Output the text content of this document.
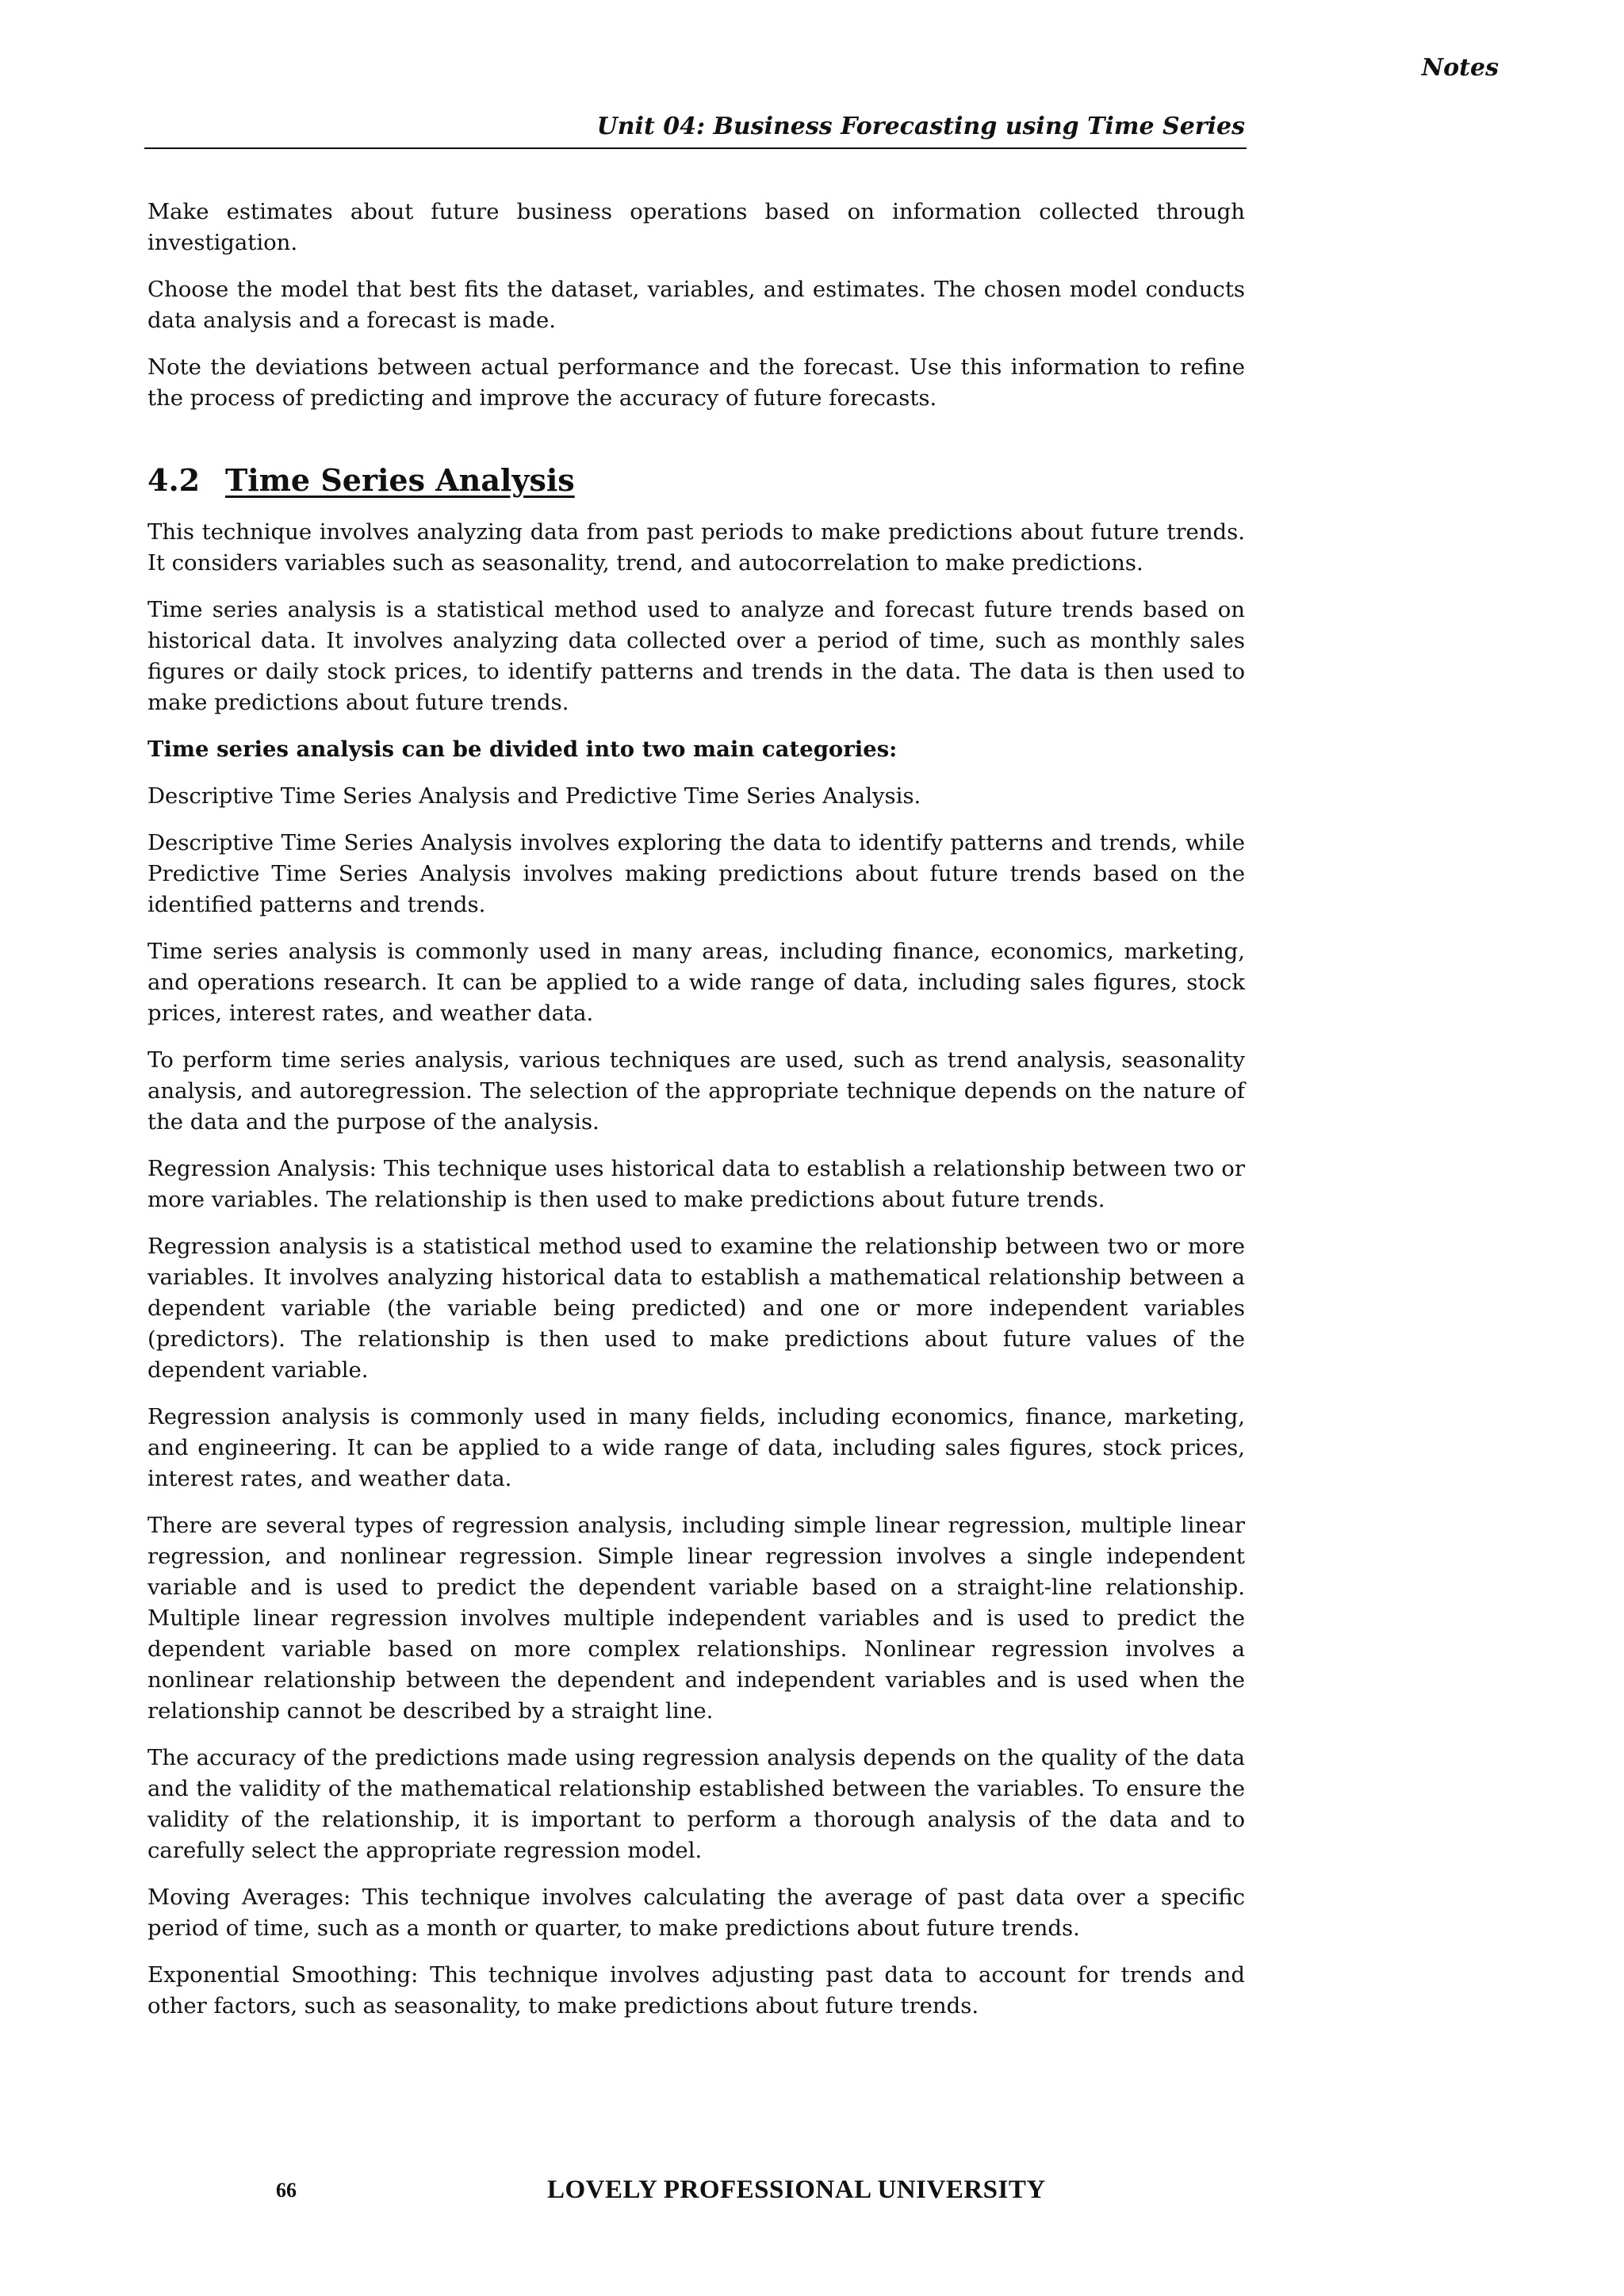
Notes
Unit 04: Business Forecasting using Time Series

Make estimates about future business operations based on information collected through investigation.

Choose the model that best fits the dataset, variables, and estimates. The chosen model conducts data analysis and a forecast is made.

Note the deviations between actual performance and the forecast. Use this information to refine the process of predicting and improve the accuracy of future forecasts.

4.2 Time Series Analysis

This technique involves analyzing data from past periods to make predictions about future trends. It considers variables such as seasonality, trend, and autocorrelation to make predictions.

Time series analysis is a statistical method used to analyze and forecast future trends based on historical data. It involves analyzing data collected over a period of time, such as monthly sales figures or daily stock prices, to identify patterns and trends in the data. The data is then used to make predictions about future trends.

Time series analysis can be divided into two main categories:

Descriptive Time Series Analysis and Predictive Time Series Analysis.

Descriptive Time Series Analysis involves exploring the data to identify patterns and trends, while Predictive Time Series Analysis involves making predictions about future trends based on the identified patterns and trends.

Time series analysis is commonly used in many areas, including finance, economics, marketing, and operations research. It can be applied to a wide range of data, including sales figures, stock prices, interest rates, and weather data.

To perform time series analysis, various techniques are used, such as trend analysis, seasonality analysis, and autoregression. The selection of the appropriate technique depends on the nature of the data and the purpose of the analysis.

Regression Analysis: This technique uses historical data to establish a relationship between two or more variables. The relationship is then used to make predictions about future trends.

Regression analysis is a statistical method used to examine the relationship between two or more variables. It involves analyzing historical data to establish a mathematical relationship between a dependent variable (the variable being predicted) and one or more independent variables (predictors). The relationship is then used to make predictions about future values of the dependent variable.

Regression analysis is commonly used in many fields, including economics, finance, marketing, and engineering. It can be applied to a wide range of data, including sales figures, stock prices, interest rates, and weather data.

There are several types of regression analysis, including simple linear regression, multiple linear regression, and nonlinear regression. Simple linear regression involves a single independent variable and is used to predict the dependent variable based on a straight-line relationship. Multiple linear regression involves multiple independent variables and is used to predict the dependent variable based on more complex relationships. Nonlinear regression involves a nonlinear relationship between the dependent and independent variables and is used when the relationship cannot be described by a straight line.

The accuracy of the predictions made using regression analysis depends on the quality of the data and the validity of the mathematical relationship established between the variables. To ensure the validity of the relationship, it is important to perform a thorough analysis of the data and to carefully select the appropriate regression model.

Moving Averages: This technique involves calculating the average of past data over a specific period of time, such as a month or quarter, to make predictions about future trends.

Exponential Smoothing: This technique involves adjusting past data to account for trends and other factors, such as seasonality, to make predictions about future trends.

66	LOVELY PROFESSIONAL UNIVERSITY
